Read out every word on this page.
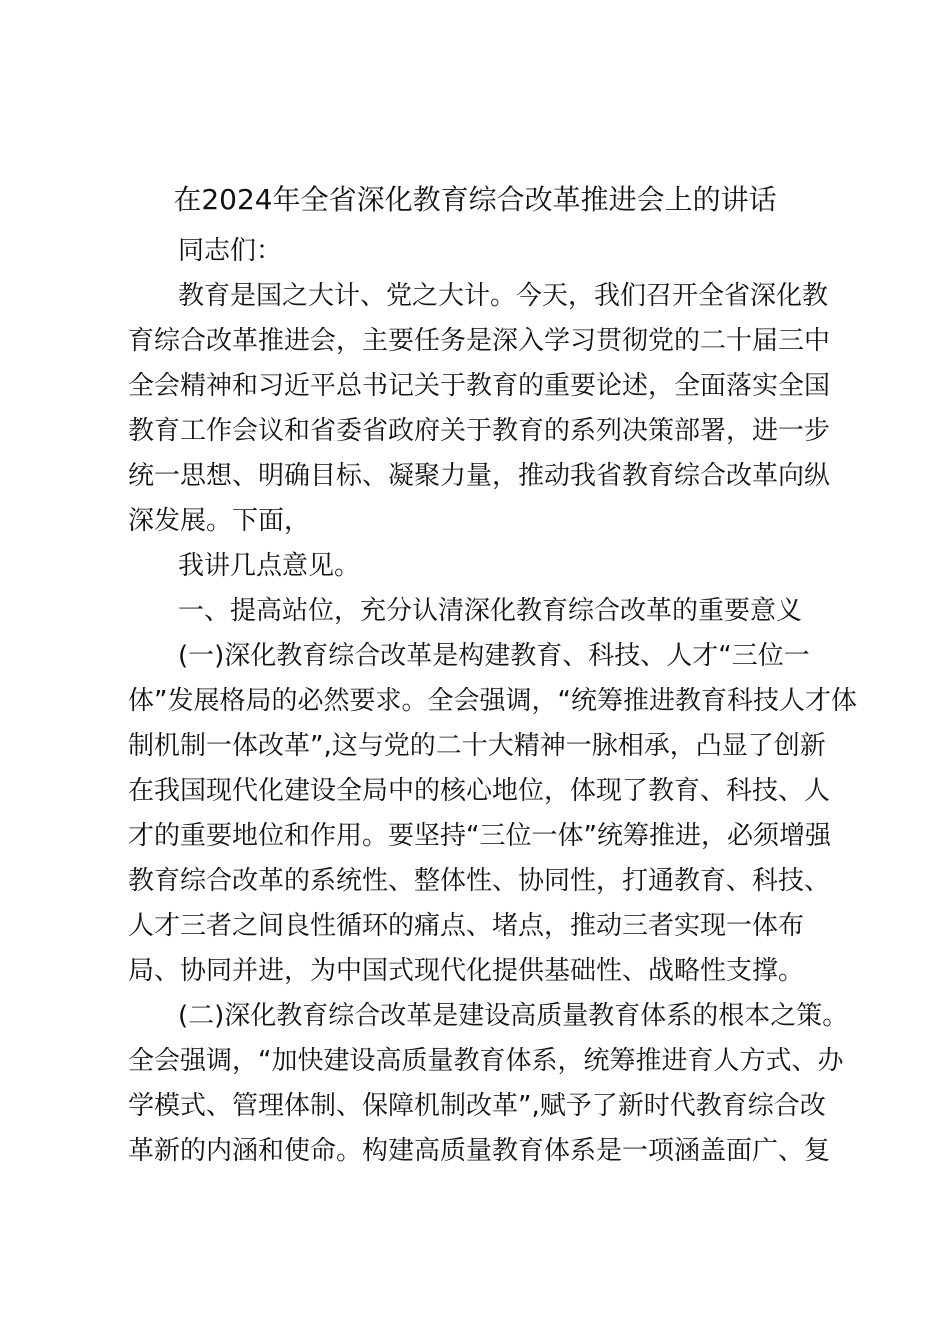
在2024年全省深化教育综合改革推进会上的讲话

同志们：

教育是国之大计、党之大计。今天，我们召开全省深化教

育综合改革推进会，主要任务是深入学习贯彻党的二十届三中

全会精神和习近平总书记关于教育的重要论述，全面落实全国

教育工作会议和省委省政府关于教育的系列决策部署，进一步

统一思想、明确目标、凝聚力量，推动我省教育综合改革向纵

深发展。下面，

我讲几点意见。

一、提高站位，充分认清深化教育综合改革的重要意义

(一)深化教育综合改革是构建教育、科技、人才“三位一

体”发展格局的必然要求。全会强调，“统筹推进教育科技人才体

制机制一体改革”,这与党的二十大精神一脉相承，凸显了创新

在我国现代化建设全局中的核心地位，体现了教育、科技、人

才的重要地位和作用。要坚持“三位一体”统筹推进，必须增强

教育综合改革的系统性、整体性、协同性，打通教育、科技、

人才三者之间良性循环的痛点、堵点，推动三者实现一体布

局、协同并进，为中国式现代化提供基础性、战略性支撑。

(二)深化教育综合改革是建设高质量教育体系的根本之策。

全会强调，“加快建设高质量教育体系，统筹推进育人方式、办

学模式、管理体制、保障机制改革”,赋予了新时代教育综合改

革新的内涵和使命。构建高质量教育体系是一项涵盖面广、复
